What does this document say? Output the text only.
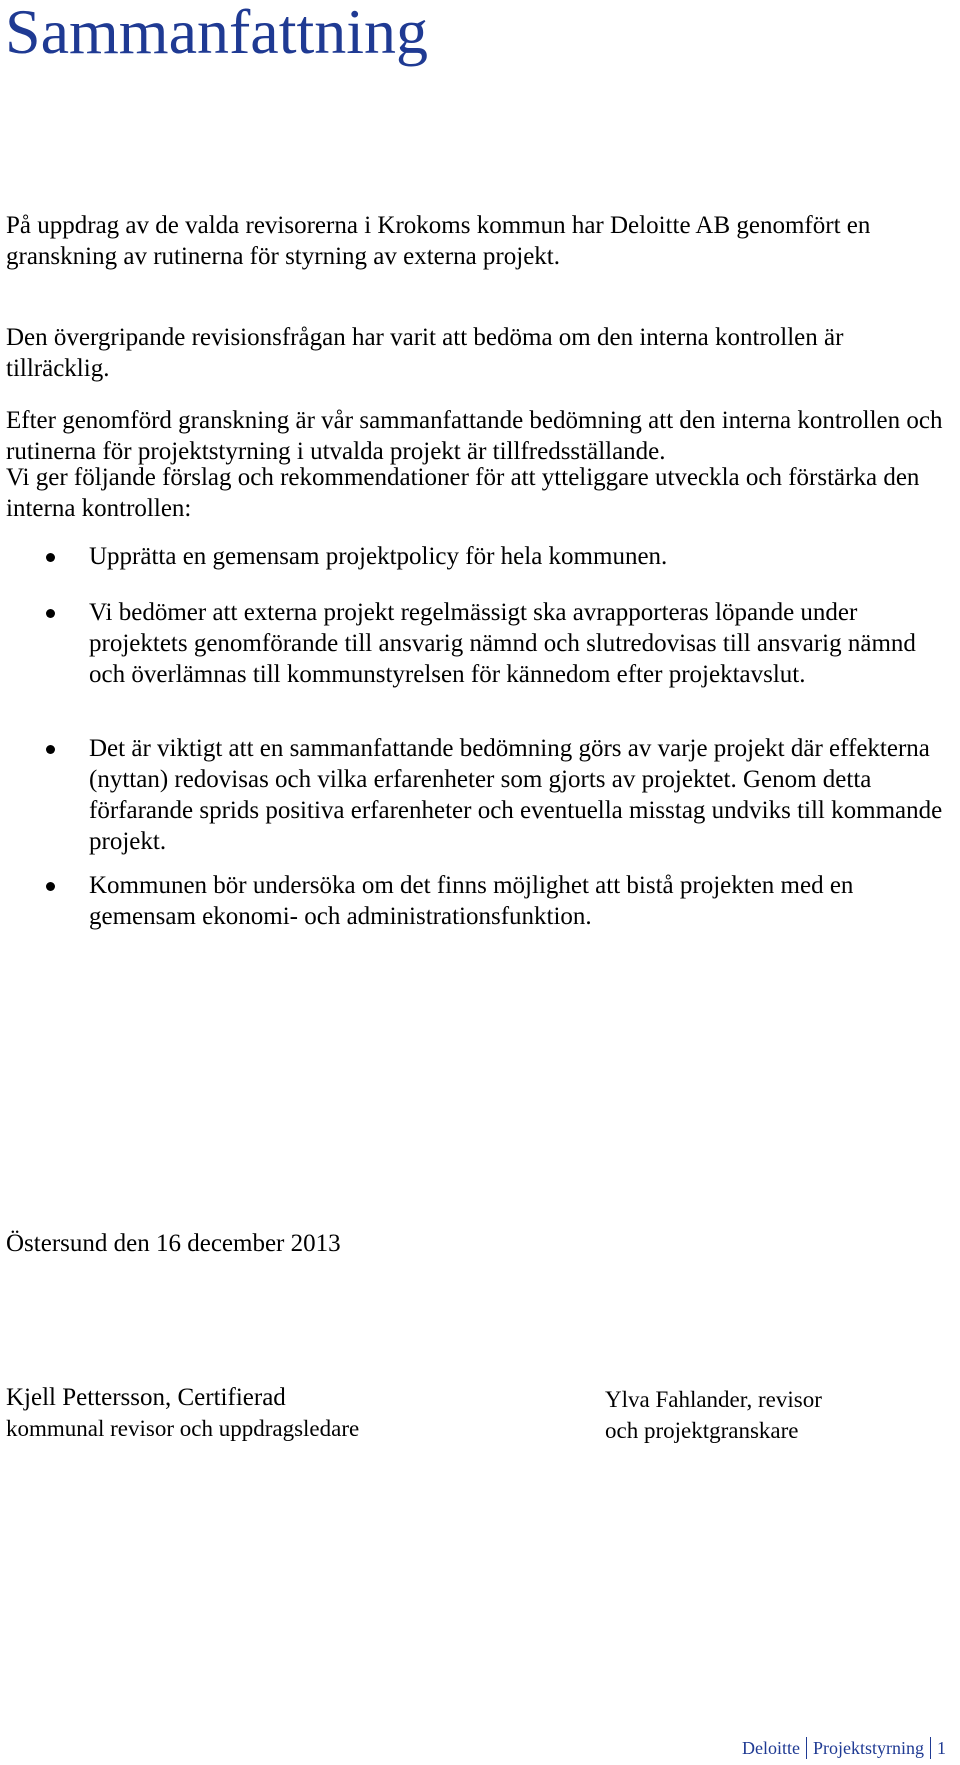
Sammanfattning

På uppdrag av de valda revisorerna i Krokoms kommun har Deloitte AB genomfört en granskning av rutinerna för styrning av externa projekt.

Den övergripande revisionsfrågan har varit att bedöma om den interna kontrollen är tillräcklig.

Efter genomförd granskning är vår sammanfattande bedömning att den interna kontrollen och rutinerna för projektstyrning i utvalda projekt är tillfredsställande.

Vi ger följande förslag och rekommendationer för att ytteliggare utveckla och förstärka den interna kontrollen:

Upprätta en gemensam projektpolicy för hela kommunen.
Vi bedömer att externa projekt regelmässigt ska avrapporteras löpande under projektets genomförande till ansvarig nämnd och slutredovisas till ansvarig nämnd och överlämnas till kommunstyrelsen för kännedom efter projektavslut.
Det är viktigt att en sammanfattande bedömning görs av varje projekt där effekterna (nyttan) redovisas och vilka erfarenheter som gjorts av projektet. Genom detta förfarande sprids positiva erfarenheter och eventuella misstag undviks till kommande projekt.
Kommunen bör undersöka om det finns möjlighet att bistå projekten med en gemensam ekonomi- och administrationsfunktion.

Östersund den 16 december 2013

Kjell Pettersson, Certifierad
kommunal revisor och uppdragsledare
Ylva Fahlander, revisor
och projektgranskare
Deloitte Projektstyrning 1
